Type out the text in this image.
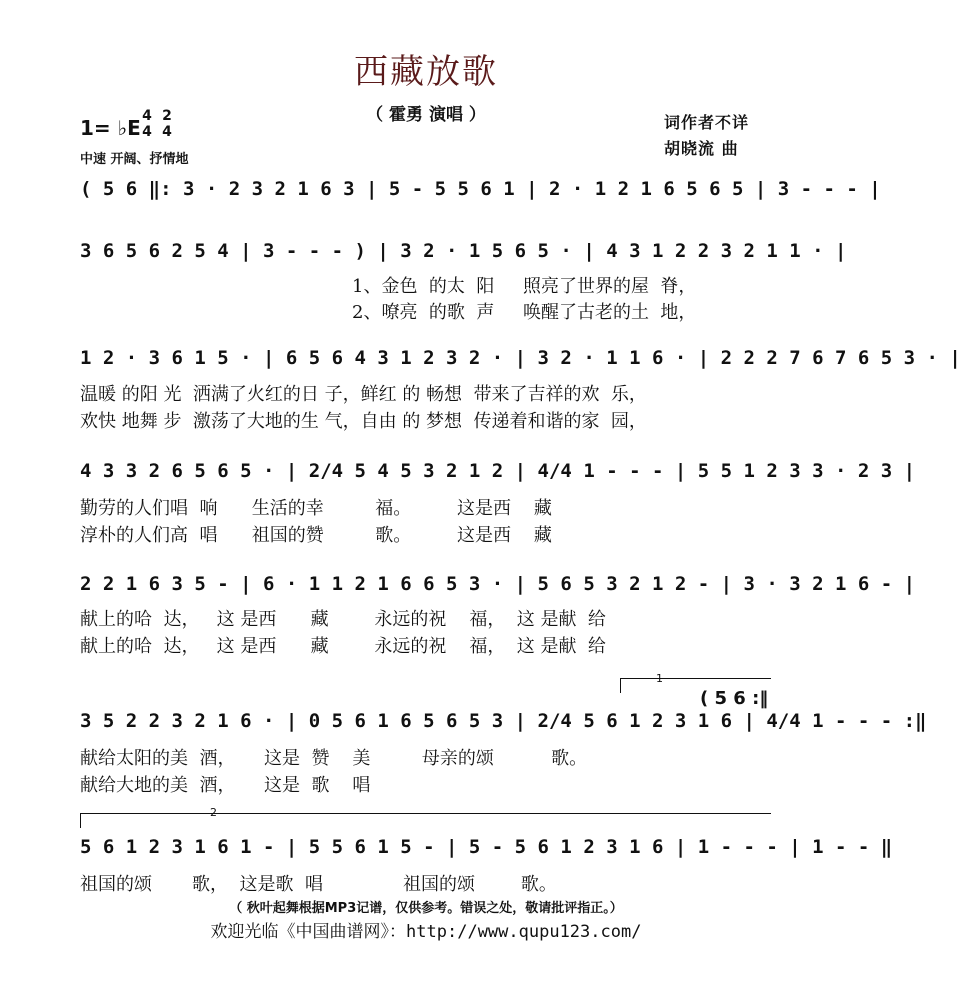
西藏放歌
（ 霍勇 演唱 ）
1= ♭E 4
4
2
4
中速 开阔、抒情地
词作者不详
胡晓流 曲
( 5 6 ‖: 3 · 2 3 2 1 6 3 | 5 - 5 5 6 1 | 2 · 1 2 1 6 5 6 5 | 3 - - - |
3 6 5 6 2 5 4 | 3 - - - ) | 3 2 · 1 5 6 5 · | 4 3 1 2 2 3 2 1 1 · |
1、金色  的太  阳     照亮了世界的屋  脊，
2、嘹亮  的歌  声     唤醒了古老的土  地，
1 2 · 3 6 1 5 · | 6 5 6 4 3 1 2 3 2 · | 3 2 · 1 1 6 · | 2 2 2 7 6 7 6 5 3 · |
温暖 的阳 光  洒满了火红的日 子，鲜红 的 畅想  带来了吉祥的欢  乐，
欢快 地舞 步  激荡了大地的生 气，自由 的 梦想  传递着和谐的家  园，
4 3 3 2 6 5 6 5 · | 2/4 5 4 5 3 2 1 2 | 4/4 1 - - - | 5 5 1 2 3 3 · 2 3 |
勤劳的人们唱  响      生活的幸         福。        这是西    藏
淳朴的人们高  唱      祖国的赞         歌。        这是西    藏
2 2 1 6 3 5 - | 6 · 1 1 2 1 6 6 5 3 · | 5 6 5 3 2 1 2 - | 3 · 3 2 1 6 - |
献上的哈  达，   这 是西      藏        永远的祝    福，  这 是献  给
献上的哈  达，   这 是西      藏        永远的祝    福，  这 是献  给
1
( 5 6 :‖
3 5 2 2 3 2 1 6 · | 0 5 6 1 6 5 6 5 3 | 2/4 5 6 1 2 3 1 6 | 4/4 1 - - - :‖
献给太阳的美  酒，     这是  赞    美         母亲的颂          歌。
献给大地的美  酒，     这是  歌    唱
2
5 6 1 2 3 1 6 1 - | 5 5 6 1 5 - | 5 - 5 6 1 2 3 1 6 | 1 - - - | 1 - - ‖
祖国的颂       歌，  这是歌  唱              祖国的颂        歌。
（ 秋叶起舞根据MP3记谱，仅供参考。错误之处，敬请批评指正。）
欢迎光临《中国曲谱网》：http://www.qupu123.com/
